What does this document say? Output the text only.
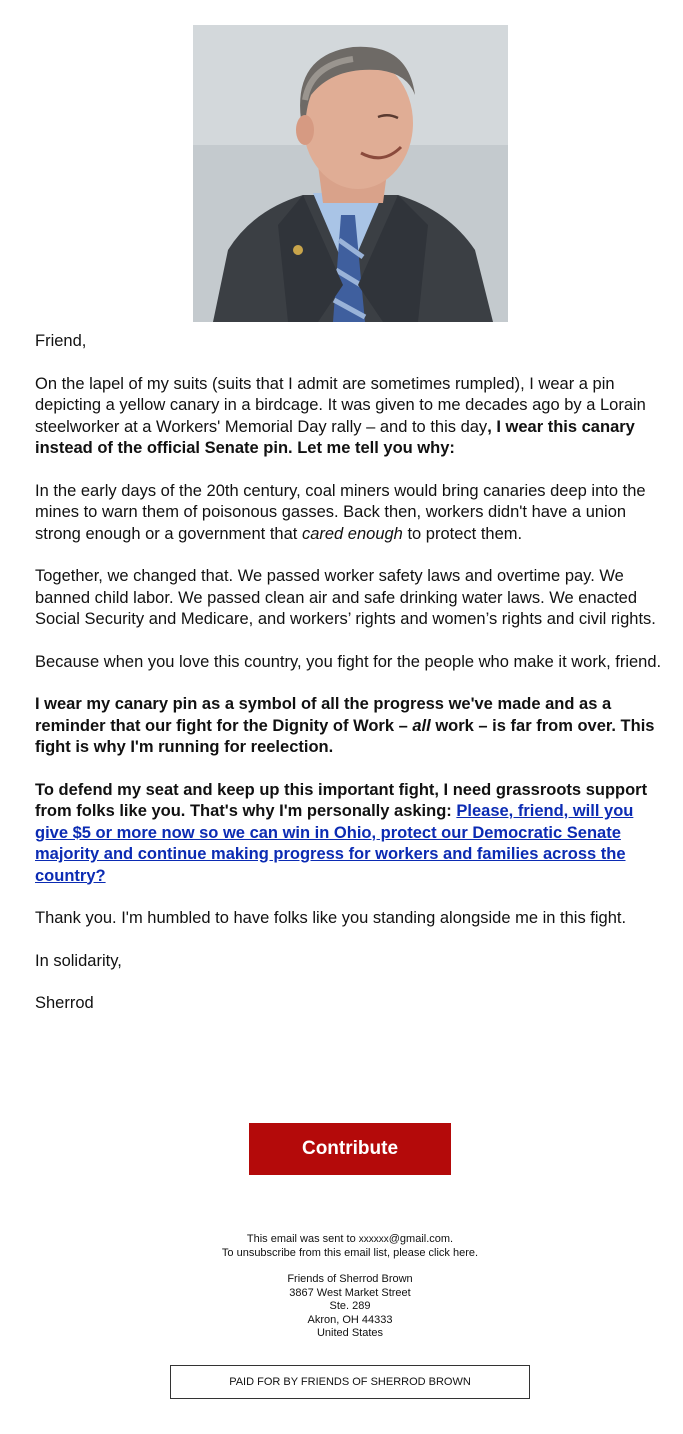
Friend,

On the lapel of my suits (suits that I admit are sometimes rumpled), I wear a pin depicting a yellow canary in a birdcage. It was given to me decades ago by a Lorain steelworker at a Workers' Memorial Day rally – and to this day, I wear this canary instead of the official Senate pin. Let me tell you why:

In the early days of the 20th century, coal miners would bring canaries deep into the mines to warn them of poisonous gasses. Back then, workers didn't have a union strong enough or a government that cared enough to protect them.

Together, we changed that. We passed worker safety laws and overtime pay. We banned child labor. We passed clean air and safe drinking water laws. We enacted Social Security and Medicare, and workers’ rights and women’s rights and civil rights.

Because when you love this country, you fight for the people who make it work, friend.

I wear my canary pin as a symbol of all the progress we've made and as a reminder that our fight for the Dignity of Work – all work – is far from over. This fight is why I'm running for reelection.

To defend my seat and keep up this important fight, I need grassroots support from folks like you. That's why I'm personally asking: Please, friend, will you give $5 or more now so we can win in Ohio, protect our Democratic Senate majority and continue making progress for workers and families across the country?

Thank you. I'm humbled to have folks like you standing alongside me in this fight.

In solidarity,

Sherrod

Contribute
This email was sent to xxxxxx@gmail.com.
To unsubscribe from this email list, please click here.
Friends of Sherrod Brown
3867 West Market Street
Ste. 289
Akron, OH 44333
United States
PAID FOR BY FRIENDS OF SHERROD BROWN
